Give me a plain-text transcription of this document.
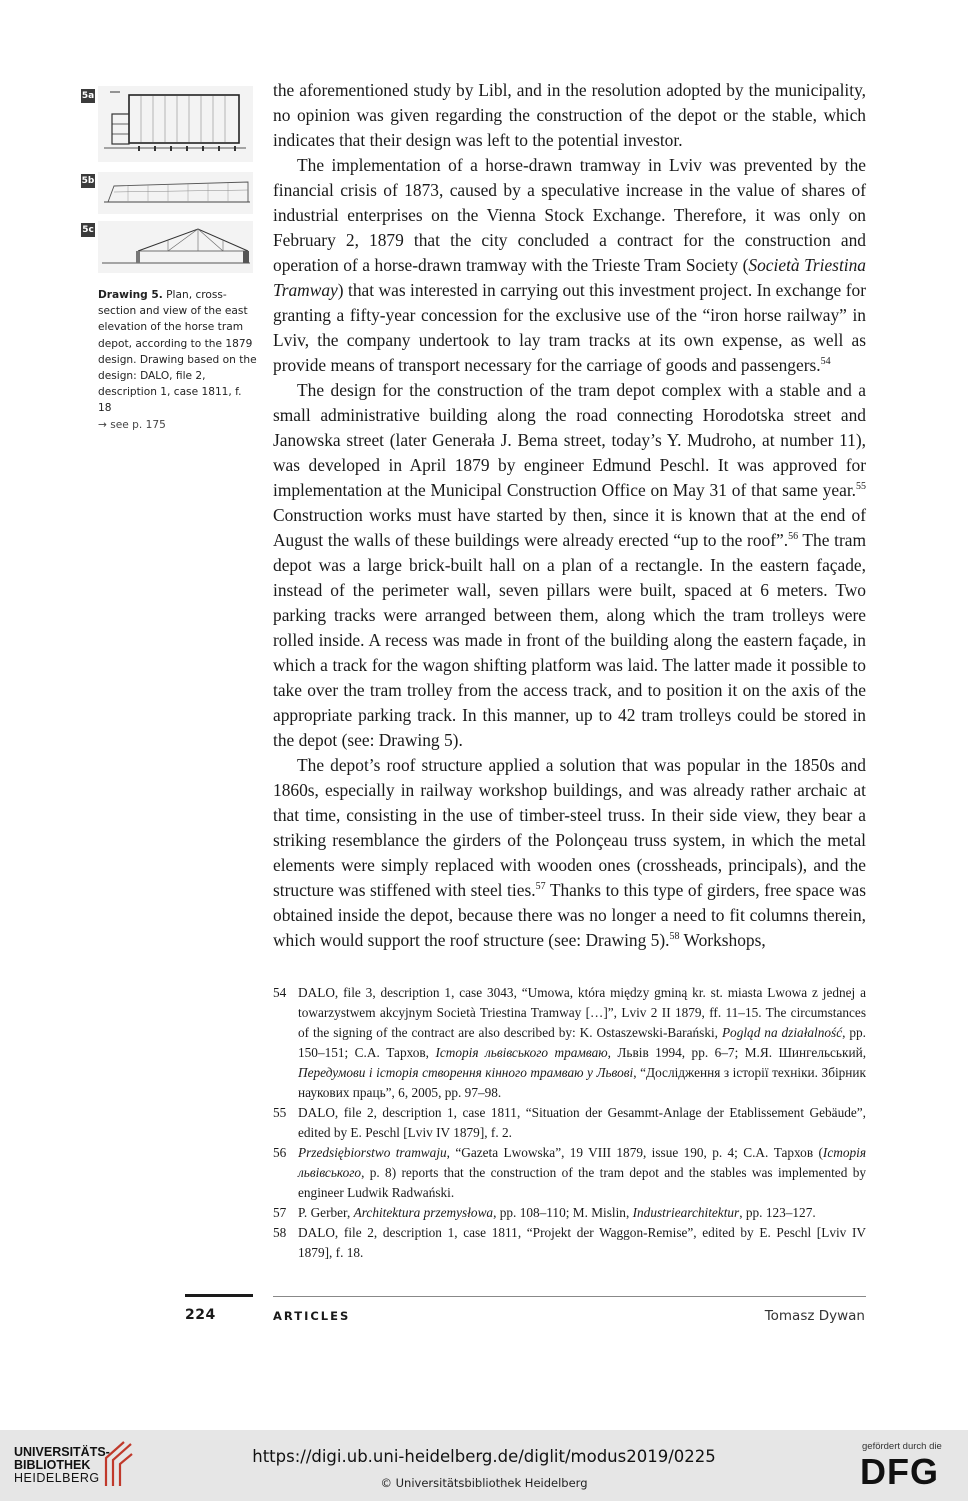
5a
5b
5c
Drawing 5. Plan, cross-section and view of the east elevation of the horse tram depot, according to the 1879 design. Drawing based on the design: DALO, file 2, description 1, case 1811, f. 18
→ see p. 175

the aforementioned study by Libl, and in the resolution adopted by the municipality, no opinion was given regarding the construction of the depot or the stable, which indicates that their design was left to the potential investor.

The implementation of a horse-drawn tramway in Lviv was prevented by the financial crisis of 1873, caused by a speculative increase in the value of shares of industrial enterprises on the Vienna Stock Exchange. Therefore, it was only on February 2, 1879 that the city concluded a contract for the construction and operation of a horse-drawn tramway with the Trieste Tram Society (Società Triestina Tramway) that was interested in carrying out this investment project. In exchange for granting a fifty-year concession for the exclusive use of the “iron horse railway” in Lviv, the company undertook to lay tram tracks at its own expense, as well as provide means of transport necessary for the carriage of goods and passengers.$^{54}$

The design for the construction of the tram depot complex with a stable and a small administrative building along the road connecting Horodotska street and Janowska street (later Generała J. Bema street, today’s Y. Mudroho, at number 11), was developed in April 1879 by engineer Edmund Peschl. It was approved for implementation at the Municipal Construction Office on May 31 of that same year.$^{55}$ Construction works must have started by then, since it is known that at the end of August the walls of these buildings were already erected “up to the roof”.$^{56}$ The tram depot was a large brick-built hall on a plan of a rectangle. In the eastern façade, instead of the perimeter wall, seven pillars were built, spaced at 6 meters. Two parking tracks were arranged between them, along which the tram trolleys were rolled inside. A recess was made in front of the building along the eastern façade, in which a track for the wagon shifting platform was laid. The latter made it possible to take over the tram trolley from the access track, and to position it on the axis of the appropriate parking track. In this manner, up to 42 tram trolleys could be stored in the depot (see: Drawing 5).

The depot’s roof structure applied a solution that was popular in the 1850s and 1860s, especially in railway workshop buildings, and was already rather archaic at that time, consisting in the use of timber-steel truss. In their side view, they bear a striking resemblance the girders of the Polonçeau truss system, in which the metal elements were simply replaced with wooden ones (crossheads, principals), and the structure was stiffened with steel ties.$^{57}$ Thanks to this type of girders, free space was obtained inside the depot, because there was no longer a need to fit columns therein, which would support the roof structure (see: Drawing 5).$^{58}$ Workshops,

54 DALO, file 3, description 1, case 3043, “Umowa, która między gminą kr. st. miasta Lwowa z jednej a towarzystwem akcyjnym Società Triestina Tramway […]”, Lviv 2 II 1879, ff. 11–15. The circumstances of the signing of the contract are also described by: K. Ostaszewski-Barański, Pogląd na działalność, pp. 150–151; С.А. Тархов, Історія львівського трамваю, Львів 1994, pp. 6–7; М.Я. Шингельський, Передумови і історія створення кінного трамваю у Львові, “Дослідження з історії техніки. Збірник наукових праць”, 6, 2005, pp. 97–98.
55 DALO, file 2, description 1, case 1811, “Situation der Gesammt-Anlage der Etablissement Gebäude”, edited by E. Peschl [Lviv IV 1879], f. 2.
56 Przedsiębiorstwo tramwaju, “Gazeta Lwowska”, 19 VIII 1879, issue 190, p. 4; С.А. Тархов (Історія львівського, p. 8) reports that the construction of the tram depot and the stables was implemented by engineer Ludwik Radwański.
57 P. Gerber, Architektura przemysłowa, pp. 108–110; M. Mislin, Industriearchitektur, pp. 123–127.
58 DALO, file 2, description 1, case 1811, “Projekt der Waggon-Remise”, edited by E. Peschl [Lviv IV 1879], f. 18.
224	ARTICLES	Tomasz Dywan
UNIVERSITÄTS-
BIBLIOTHEK
HEIDELBERG
https://digi.ub.uni-heidelberg.de/diglit/modus2019/0225
© Universitätsbibliothek Heidelberg
gefördert durch die
DFG
